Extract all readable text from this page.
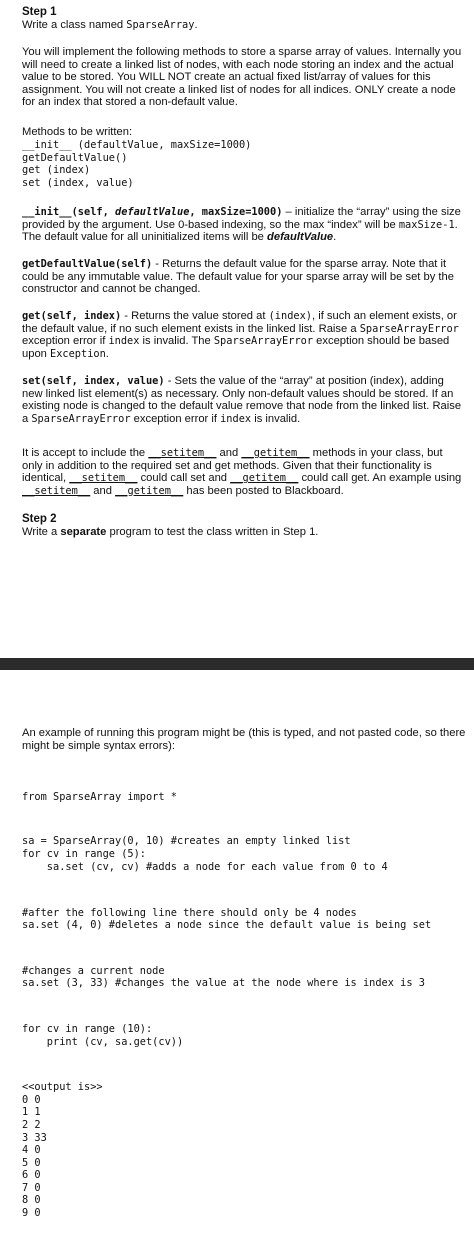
Step 1
Write a class named SparseArray.
You will implement the following methods to store a sparse array of values. Internally you will need to create a linked list of nodes, with each node storing an index and the actual value to be stored. You WILL NOT create an actual fixed list/array of values for this assignment. You will not create a linked list of nodes for all indices. ONLY create a node for an index that stored a non-default value.
Methods to be written:
__init__ (defaultValue, maxSize=1000)
getDefaultValue()
get (index)
set (index, value)
__init__(self, defaultValue, maxSize=1000) – initialize the “array” using the size provided by the argument. Use 0-based indexing, so the max “index” will be maxSize-1. The default value for all uninitialized items will be defaultValue.
getDefaultValue(self) - Returns the default value for the sparse array. Note that it could be any immutable value. The default value for your sparse array will be set by the constructor and cannot be changed.
get(self, index) - Returns the value stored at (index), if such an element exists, or the default value, if no such element exists in the linked list. Raise a SparseArrayError exception error if index is invalid. The SparseArrayError exception should be based upon Exception.
set(self, index, value) - Sets the value of the “array” at position (index), adding new linked list element(s) as necessary. Only non-default values should be stored. If an existing node is changed to the default value remove that node from the linked list. Raise a SparseArrayError exception error if index is invalid.
It is accept to include the __setitem__ and __getitem__ methods in your class, but only in addition to the required set and get methods. Given that their functionality is identical, __setitem__ could call set and __getitem__ could call get. An example using __setitem__ and __getitem__ has been posted to Blackboard.
Step 2
Write a separate program to test the class written in Step 1.
An example of running this program might be (this is typed, and not pasted code, so there might be simple syntax errors):

from SparseArray import *

sa = SparseArray(0, 10) #creates an empty linked list
for cv in range (5):
sa.set (cv, cv) #adds a node for each value from 0 to 4

#after the following line there should only be 4 nodes
sa.set (4, 0) #deletes a node since the default value is being set

#changes a current node
sa.set (3, 33) #changes the value at the node where is index is 3

for cv in range (10):
print (cv, sa.get(cv))

<<output is>>
0 0
1 1
2 2
3 33
4 0
5 0
6 0
7 0
8 0
9 0
